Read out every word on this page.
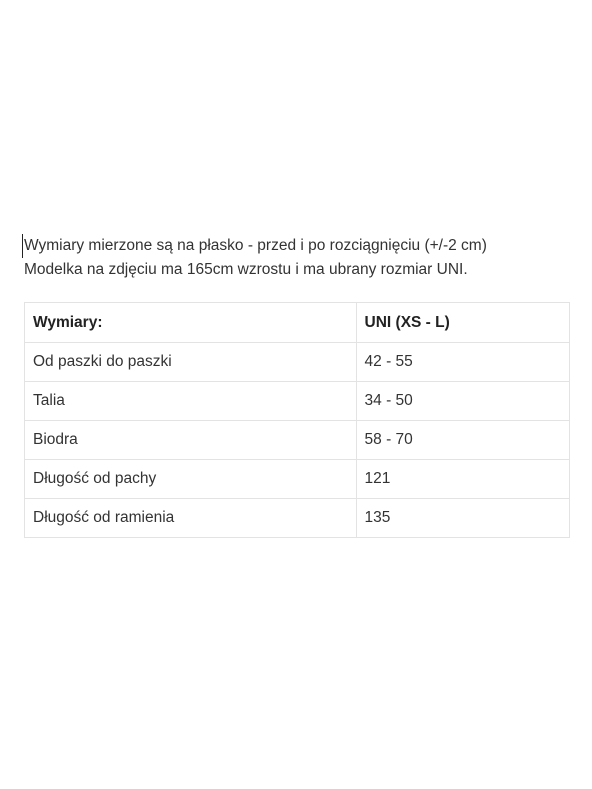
Wymiary mierzone są na płasko - przed i po rozciągnięciu (+/-2 cm)

Modelka na zdjęciu ma 165cm wzrostu i ma ubrany rozmiar UNI.

Wymiary:	UNI (XS - L)
Od paszki do paszki	42 - 55
Talia	34 - 50
Biodra	58 - 70
Długość od pachy	121
Długość od ramienia	135
